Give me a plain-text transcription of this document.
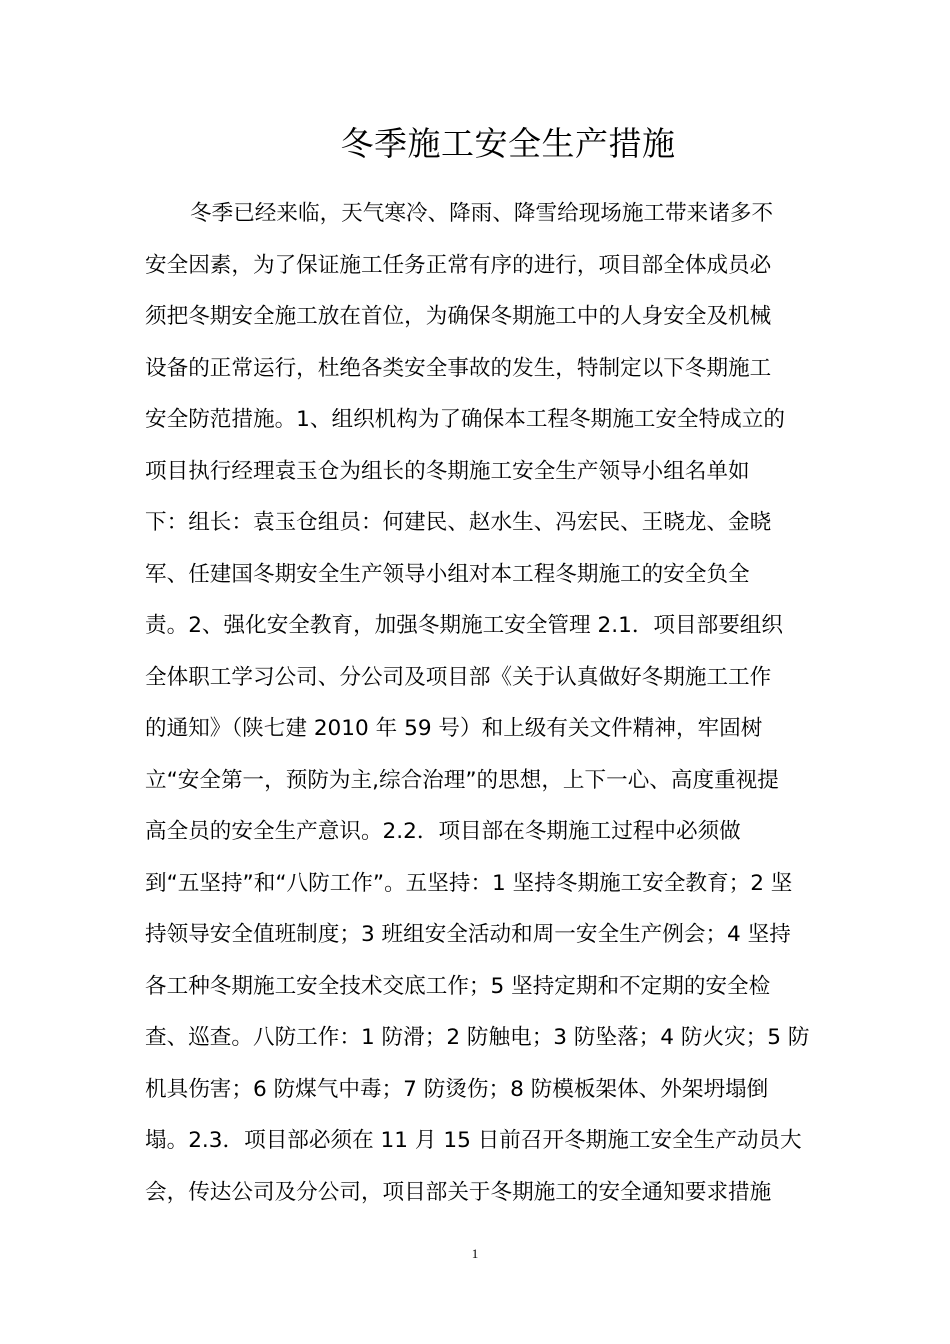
冬季施工安全生产措施
冬季已经来临，天气寒冷、降雨、降雪给现场施工带来诸多不
安全因素，为了保证施工任务正常有序的进行，项目部全体成员必
须把冬期安全施工放在首位，为确保冬期施工中的人身安全及机械
设备的正常运行，杜绝各类安全事故的发生，特制定以下冬期施工
安全防范措施。1、组织机构为了确保本工程冬期施工安全特成立的
项目执行经理袁玉仓为组长的冬期施工安全生产领导小组名单如
下：组长：袁玉仓组员：何建民、赵水生、冯宏民、王晓龙、金晓
军、任建国冬期安全生产领导小组对本工程冬期施工的安全负全
责。2、强化安全教育，加强冬期施工安全管理 2.1．项目部要组织
全体职工学习公司、分公司及项目部《关于认真做好冬期施工工作
的通知》（陕七建 2010 年 59 号）和上级有关文件精神，牢固树
立“安全第一，预防为主,综合治理”的思想，上下一心、高度重视提
高全员的安全生产意识。2.2．项目部在冬期施工过程中必须做
到“五坚持”和“八防工作”。五坚持：1 坚持冬期施工安全教育；2 坚
持领导安全值班制度；3 班组安全活动和周一安全生产例会；4 坚持
各工种冬期施工安全技术交底工作；5 坚持定期和不定期的安全检
查、巡查。八防工作：1 防滑；2 防触电；3 防坠落；4 防火灾；5 防
机具伤害；6 防煤气中毒；7 防烫伤；8 防模板架体、外架坍塌倒
塌。2.3．项目部必须在 11 月 15 日前召开冬期施工安全生产动员大
会，传达公司及分公司，项目部关于冬期施工的安全通知要求措施
1
